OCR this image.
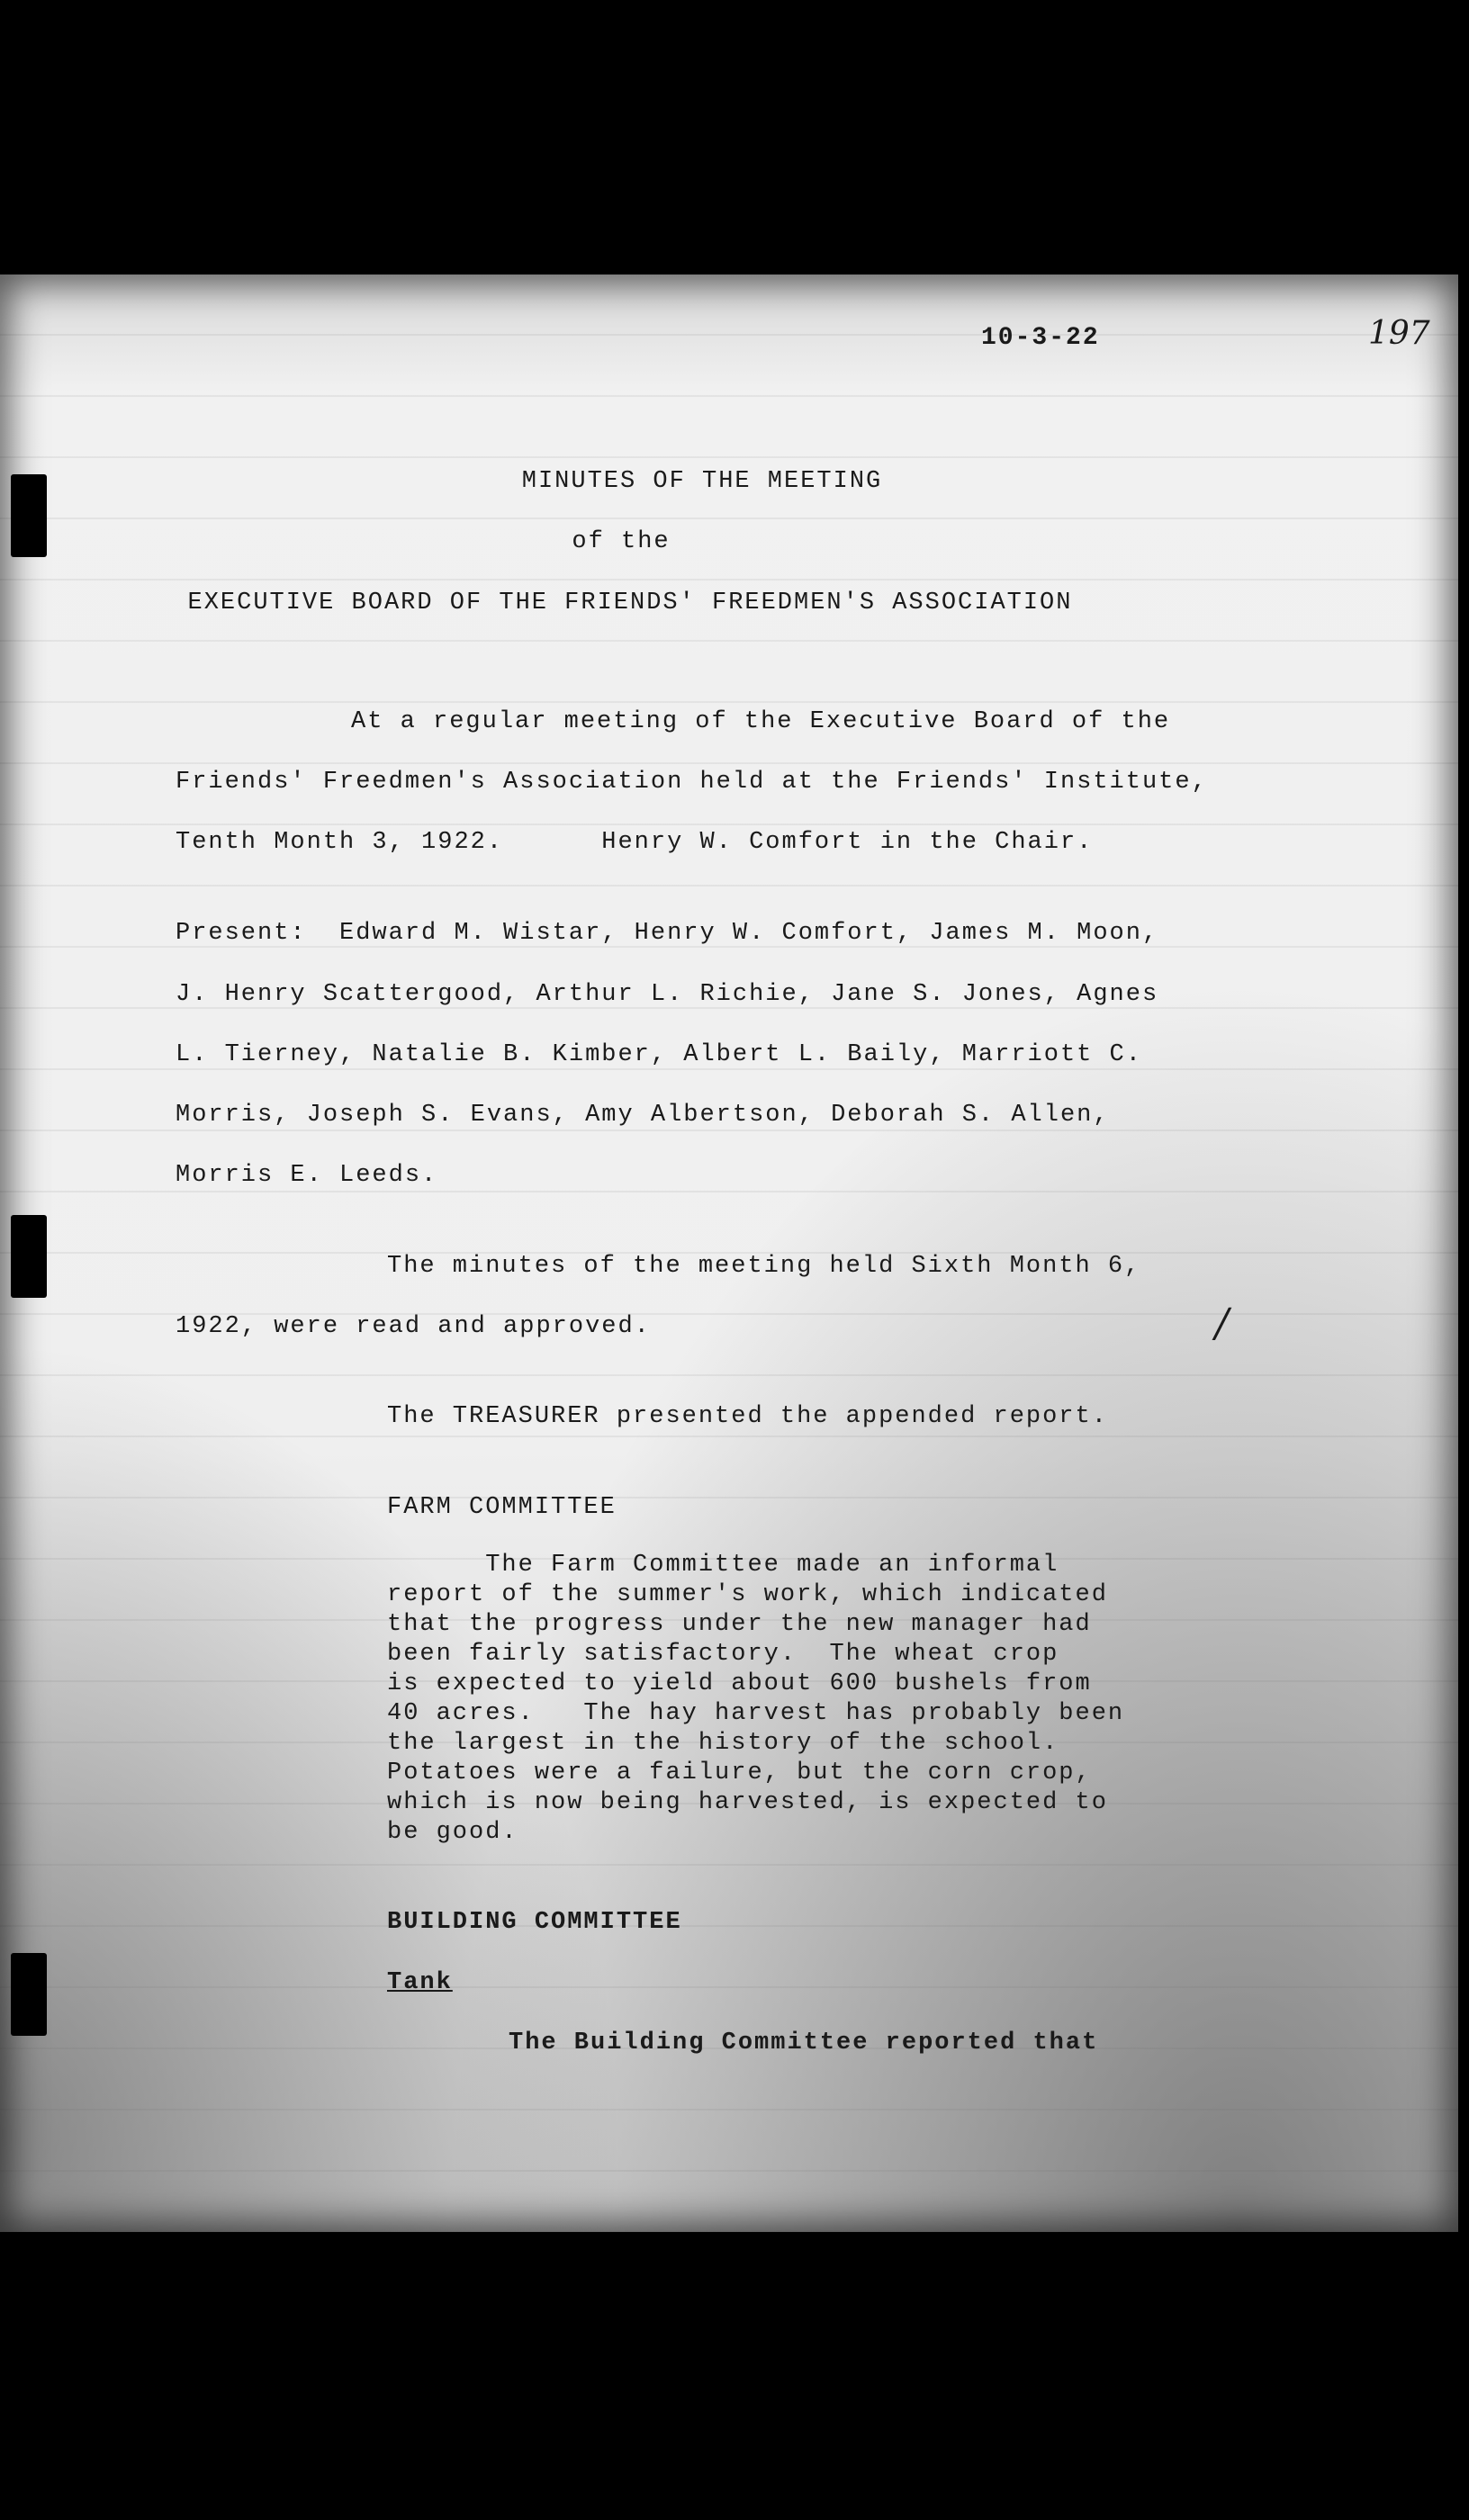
10-3-22	197
MINUTES OF THE MEETING
of the
EXECUTIVE BOARD OF THE FRIENDS' FREEDMEN'S ASSOCIATION
At a regular meeting of the Executive Board of the
Friends' Freedmen's Association held at the Friends' Institute,
Tenth Month 3, 1922.      Henry W. Comfort in the Chair.
Present:  Edward M. Wistar, Henry W. Comfort, James M. Moon,
J. Henry Scattergood, Arthur L. Richie, Jane S. Jones, Agnes
L. Tierney, Natalie B. Kimber, Albert L. Baily, Marriott C.
Morris, Joseph S. Evans, Amy Albertson, Deborah S. Allen,
Morris E. Leeds.
The minutes of the meeting held Sixth Month 6,
1922, were read and approved.	/
The TREASURER presented the appended report.
FARM COMMITTEE
The Farm Committee made an informal
report of the summer's work, which indicated
that the progress under the new manager had
been fairly satisfactory.  The wheat crop
is expected to yield about 600 bushels from
40 acres.   The hay harvest has probably been
the largest in the history of the school.
Potatoes were a failure, but the corn crop,
which is now being harvested, is expected to
be good.
BUILDING COMMITTEE
Tank
The Building Committee reported that
